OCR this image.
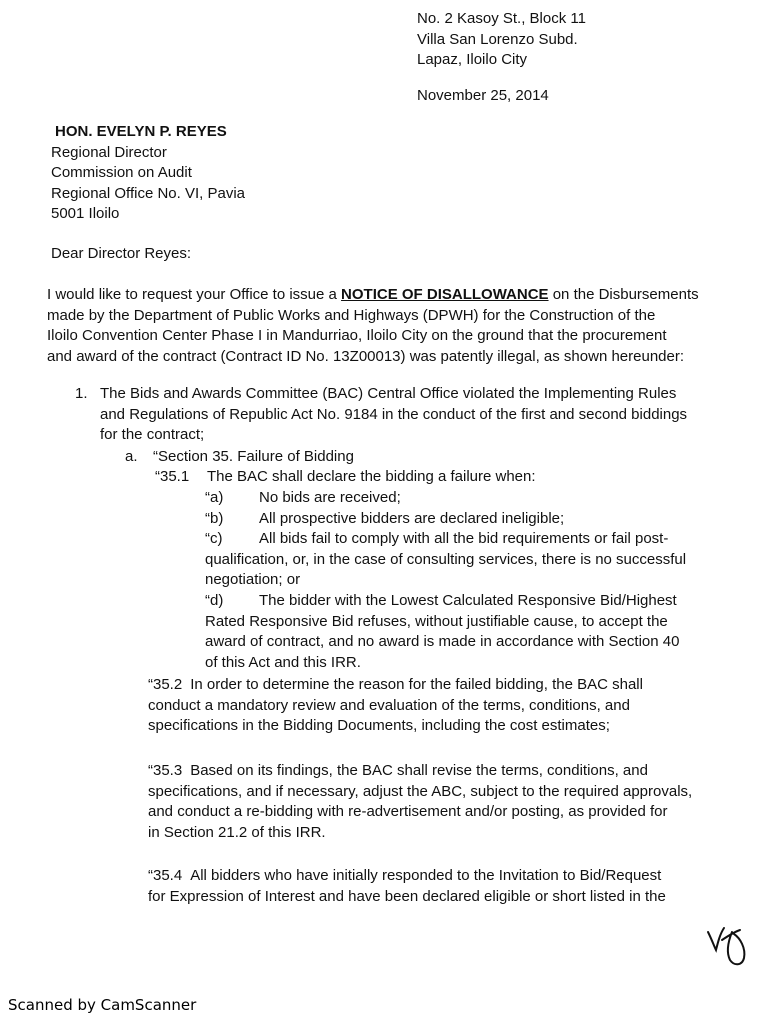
No. 2 Kasoy St., Block 11
Villa San Lorenzo Subd.
Lapaz, Iloilo City
November 25, 2014
HON. EVELYN P. REYES
Regional Director
Commission on Audit
Regional Office No. VI, Pavia
5001 Iloilo
Dear Director Reyes:
I would like to request your Office to issue a NOTICE OF DISALLOWANCE on the Disbursements
made by the Department of Public Works and Highways (DPWH) for the Construction of the
Iloilo Convention Center Phase I in Mandurriao, Iloilo City on the ground that the procurement
and award of the contract (Contract ID No. 13Z00013) was patently illegal, as shown hereunder:
1. The Bids and Awards Committee (BAC) Central Office violated the Implementing Rules
and Regulations of Republic Act No. 9184 in the conduct of the first and second biddings
for the contract;
a. “Section 35. Failure of Bidding
“35.1 The BAC shall declare the bidding a failure when:
“a) No bids are received;
“b) All prospective bidders are declared ineligible;
“c) All bids fail to comply with all the bid requirements or fail post-
qualification, or, in the case of consulting services, there is no successful
negotiation; or
“d) The bidder with the Lowest Calculated Responsive Bid/Highest
Rated Responsive Bid refuses, without justifiable cause, to accept the
award of contract, and no award is made in accordance with Section 40
of this Act and this IRR.
“35.2 In order to determine the reason for the failed bidding, the BAC shall
conduct a mandatory review and evaluation of the terms, conditions, and
specifications in the Bidding Documents, including the cost estimates;
“35.3 Based on its findings, the BAC shall revise the terms, conditions, and
specifications, and if necessary, adjust the ABC, subject to the required approvals,
and conduct a re-bidding with re-advertisement and/or posting, as provided for
in Section 21.2 of this IRR.
“35.4 All bidders who have initially responded to the Invitation to Bid/Request
for Expression of Interest and have been declared eligible or short listed in the
Scanned by CamScanner
